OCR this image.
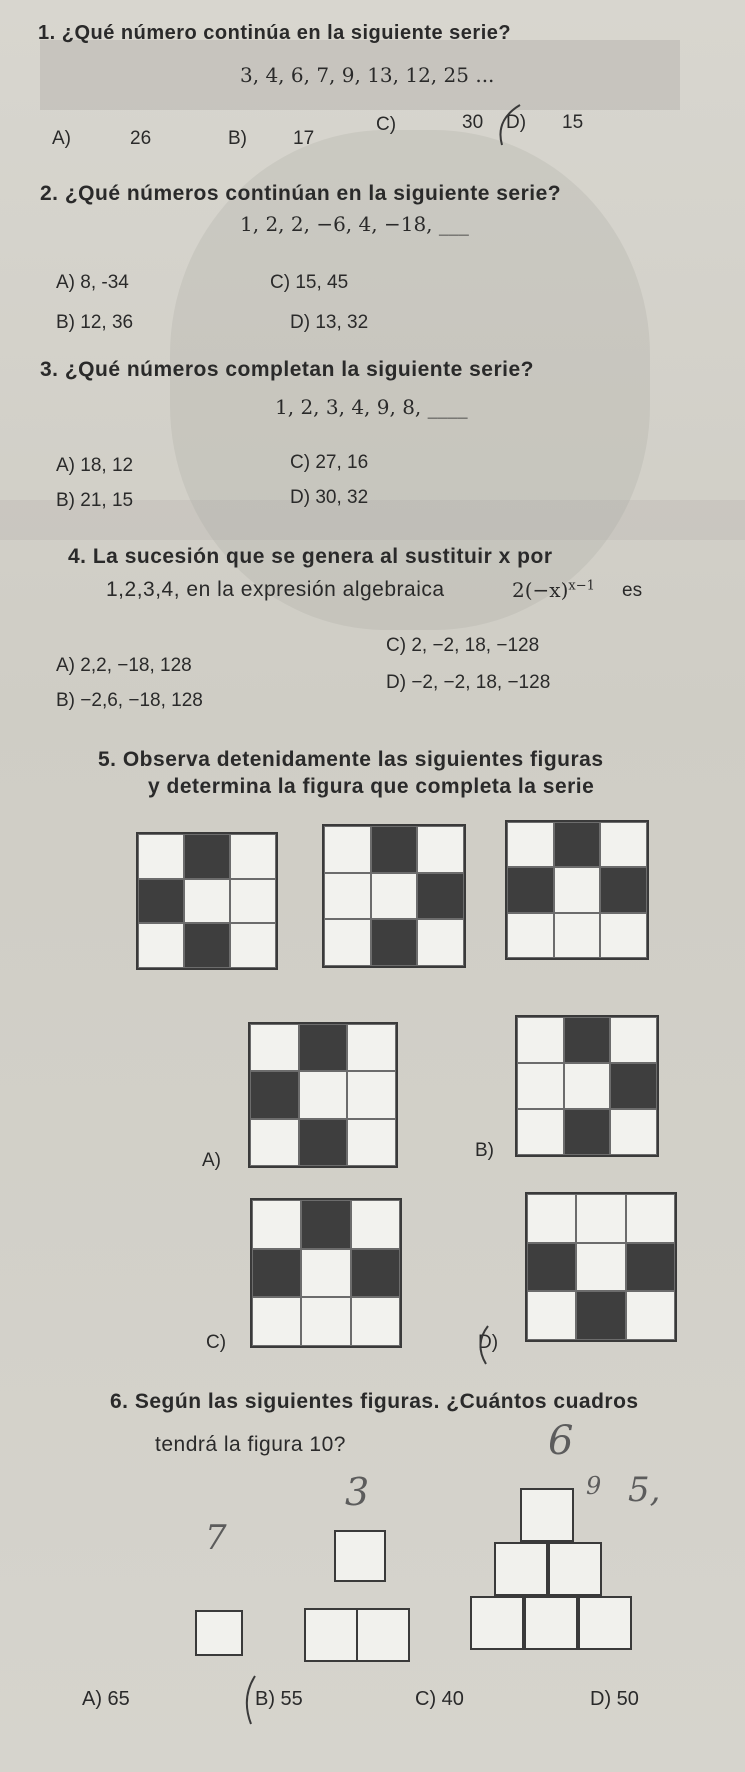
1. ¿Qué número continúa en la siguiente serie?
3, 4, 6, 7, 9, 13, 12, 25 ...
A)	26	B) 17
C)	30 D) 15
2. ¿Qué números continúan en la siguiente serie?
1, 2, 2, −6, 4, −18, ___
A) 8, -34
B) 12, 36
C) 15, 45
D) 13, 32
3. ¿Qué números completan la siguiente serie?
1, 2, 3, 4, 9, 8, ____
A) 18, 12
B) 21, 15
C) 27, 16
D) 30, 32
4. La sucesión que se genera al sustituir x por
1,2,3,4, en la expresión algebraica	$2(-x)^{x-1}$ es
A) 2,2, −18, 128
B) −2,6, −18, 128
C) 2, −2, 18, −128
D) −2, −2, 18, −128
5. Observa detenidamente las siguientes figuras
y determina la figura que completa la serie
A)	B)
C)	D)
6. Según las siguientes figuras. ¿Cuántos cuadros
tendrá la figura 10?
7
3
6
9 5,
A) 65	B) 55	C) 40	D) 50
